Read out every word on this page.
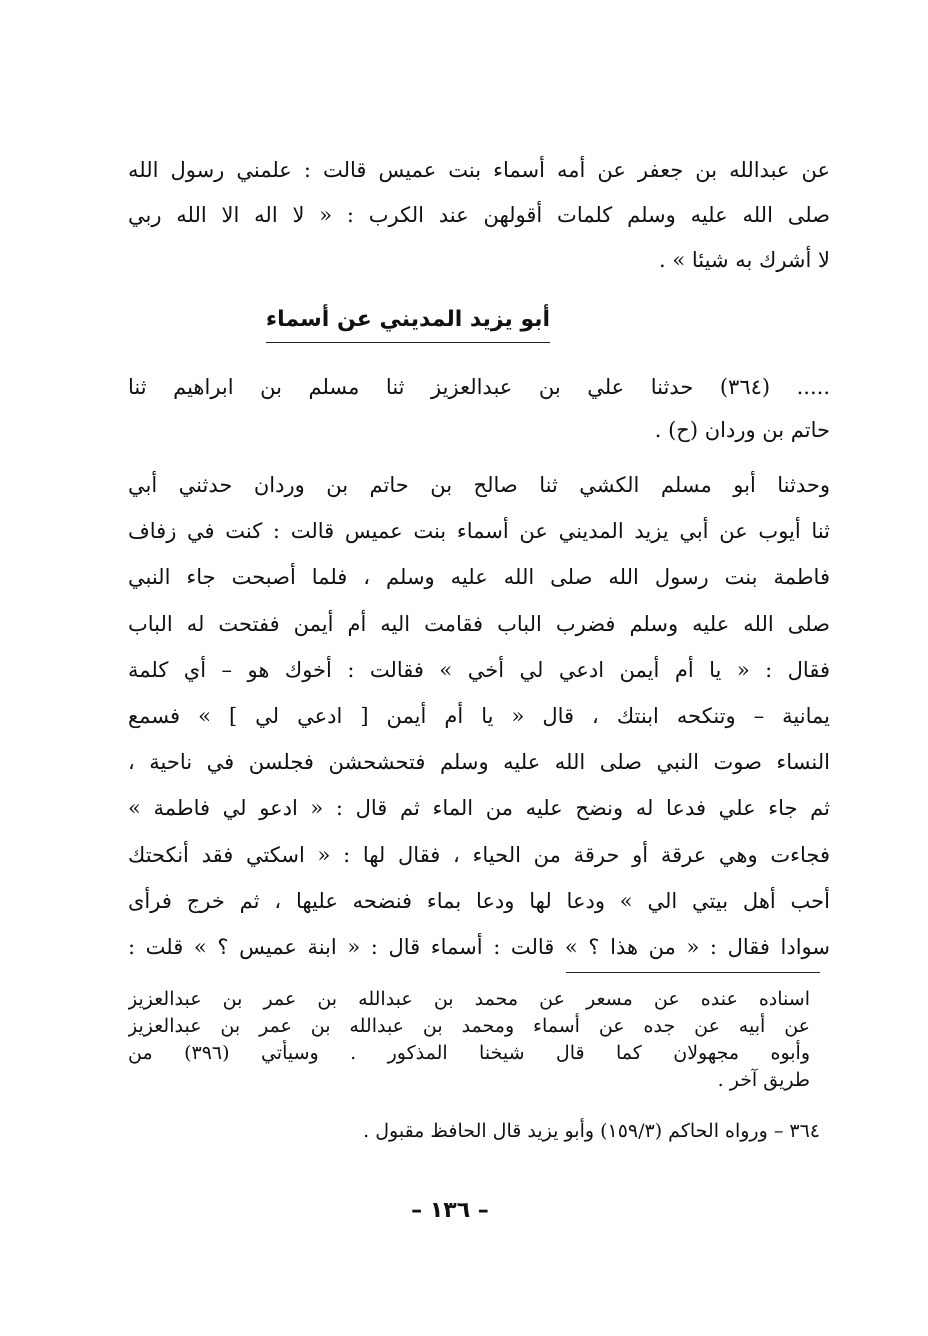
عن عبدالله بن جعفر عن أمه أسماء بنت عميس قالت : علمني رسول الله
صلى الله عليه وسلم كلمات أقولهن عند الكرب : « لا اله الا الله ربي
لا أشرك به شيئا » .
أبو يزيد المديني عن أسماء
..... (٣٦٤) حدثنا علي بن عبدالعزيز ثنا مسلم بن ابراهيم ثنا
حاتم بن وردان (ح) .
وحدثنا أبو مسلم الكشي ثنا صالح بن حاتم بن وردان حدثني أبي
ثنا أيوب عن أبي يزيد المديني عن أسماء بنت عميس قالت : كنت في زفاف
فاطمة بنت رسول الله صلى الله عليه وسلم ، فلما أصبحت جاء النبي
صلى الله عليه وسلم فضرب الباب فقامت اليه أم أيمن ففتحت له الباب
فقال : « يا أم أيمن ادعي لي أخي » فقالت : أخوك هو – أي كلمة
يمانية – وتنكحه ابنتك ، قال « يا أم أيمن [ ادعي لي ] » فسمع
النساء صوت النبي صلى الله عليه وسلم فتحشحشن فجلسن في ناحية ،
ثم جاء علي فدعا له ونضح عليه من الماء ثم قال : « ادعو لي فاطمة »
فجاءت وهي عرقة أو حرقة من الحياء ، فقال لها : « اسكتي فقد أنكحتك
أحب أهل بيتي الي » ودعا لها ودعا بماء فنضحه عليها ، ثم خرج فرأى
سوادا فقال : « من هذا ؟ » قالت : أسماء قال : « ابنة عميس ؟ » قلت :
اسناده عنده عن مسعر عن محمد بن عبدالله بن عمر بن عبدالعزيز
عن أبيه عن جده عن أسماء ومحمد بن عبدالله بن عمر بن عبدالعزيز
وأبوه مجهولان كما قال شيخنا المذكور . وسيأتي (٣٩٦) من
طريق آخر .
٣٦٤ – ورواه الحاكم (١٥٩/٣) وأبو يزيد قال الحافظ مقبول .
– ١٣٦ –
